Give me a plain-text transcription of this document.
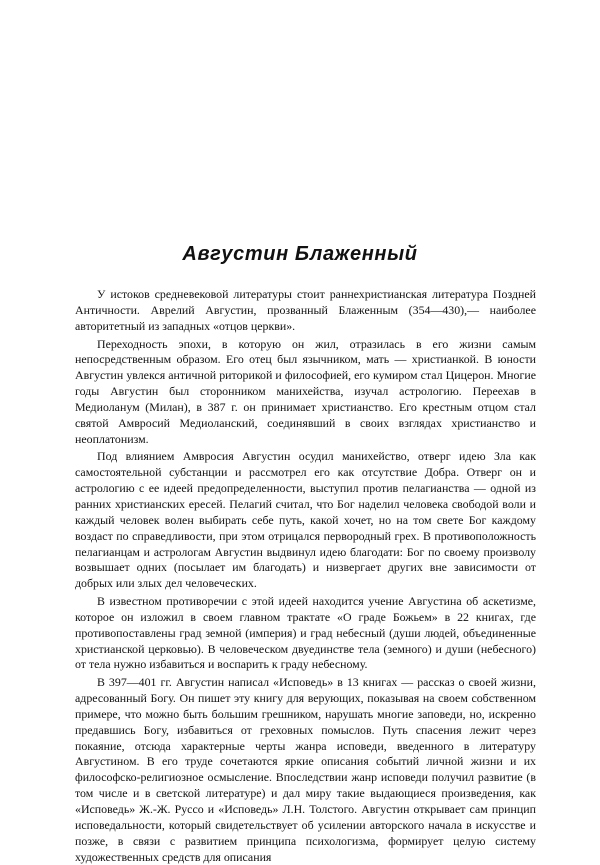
Августин Блаженный

У истоков средневековой литературы стоит раннехристианская литература Поздней Античности. Аврелий Августин, прозванный Блаженным (354—430),— наиболее авторитетный из западных «отцов церкви».

Переходность эпохи, в которую он жил, отразилась в его жизни самым непосредственным образом. Его отец был язычником, мать — христианкой. В юности Августин увлекся античной риторикой и философией, его кумиром стал Цицерон. Многие годы Августин был сторонником манихейства, изучал астрологию. Переехав в Медиоланум (Милан), в 387 г. он принимает христианство. Его крестным отцом стал святой Амвросий Медиоланский, соединявший в своих взглядах христианство и неоплатонизм.

Под влиянием Амвросия Августин осудил манихейство, отверг идею Зла как самостоятельной субстанции и рассмотрел его как отсутствие Добра. Отверг он и астрологию с ее идеей предопределенности, выступил против пелагианства — одной из ранних христианских ересей. Пелагий считал, что Бог наделил человека свободой воли и каждый человек волен выбирать себе путь, какой хочет, но на том свете Бог каждому воздаст по справедливости, при этом отрицался первородный грех. В противоположность пелагианцам и астрологам Августин выдвинул идею благодати: Бог по своему произволу возвышает одних (посылает им благодать) и низвергает других вне зависимости от добрых или злых дел человеческих.

В известном противоречии с этой идеей находится учение Августина об аскетизме, которое он изложил в своем главном трактате «О граде Божьем» в 22 книгах, где противопоставлены град земной (империя) и град небесный (души людей, объединенные христианской церковью). В человеческом двуединстве тела (земного) и души (небесного) от тела нужно избавиться и воспарить к граду небесному.

В 397—401 гг. Августин написал «Исповедь» в 13 книгах — рассказ о своей жизни, адресованный Богу. Он пишет эту книгу для верующих, показывая на своем собственном примере, что можно быть большим грешником, нарушать многие заповеди, но, искренно предавшись Богу, избавиться от греховных помыслов. Путь спасения лежит через покаяние, отсюда характерные черты жанра исповеди, введенного в литературу Августином. В его труде сочетаются яркие описания событий личной жизни и их философско-религиозное осмысление. Впоследствии жанр исповеди получил развитие (в том числе и в светской литературе) и дал миру такие выдающиеся произведения, как «Исповедь» Ж.-Ж. Руссо и «Исповедь» Л.Н. Толстого. Августин открывает сам принцип исповедальности, который свидетельствует об усилении авторского начала в искусстве и позже, в связи с развитием принципа психологизма, формирует целую систему художественных средств для описания
